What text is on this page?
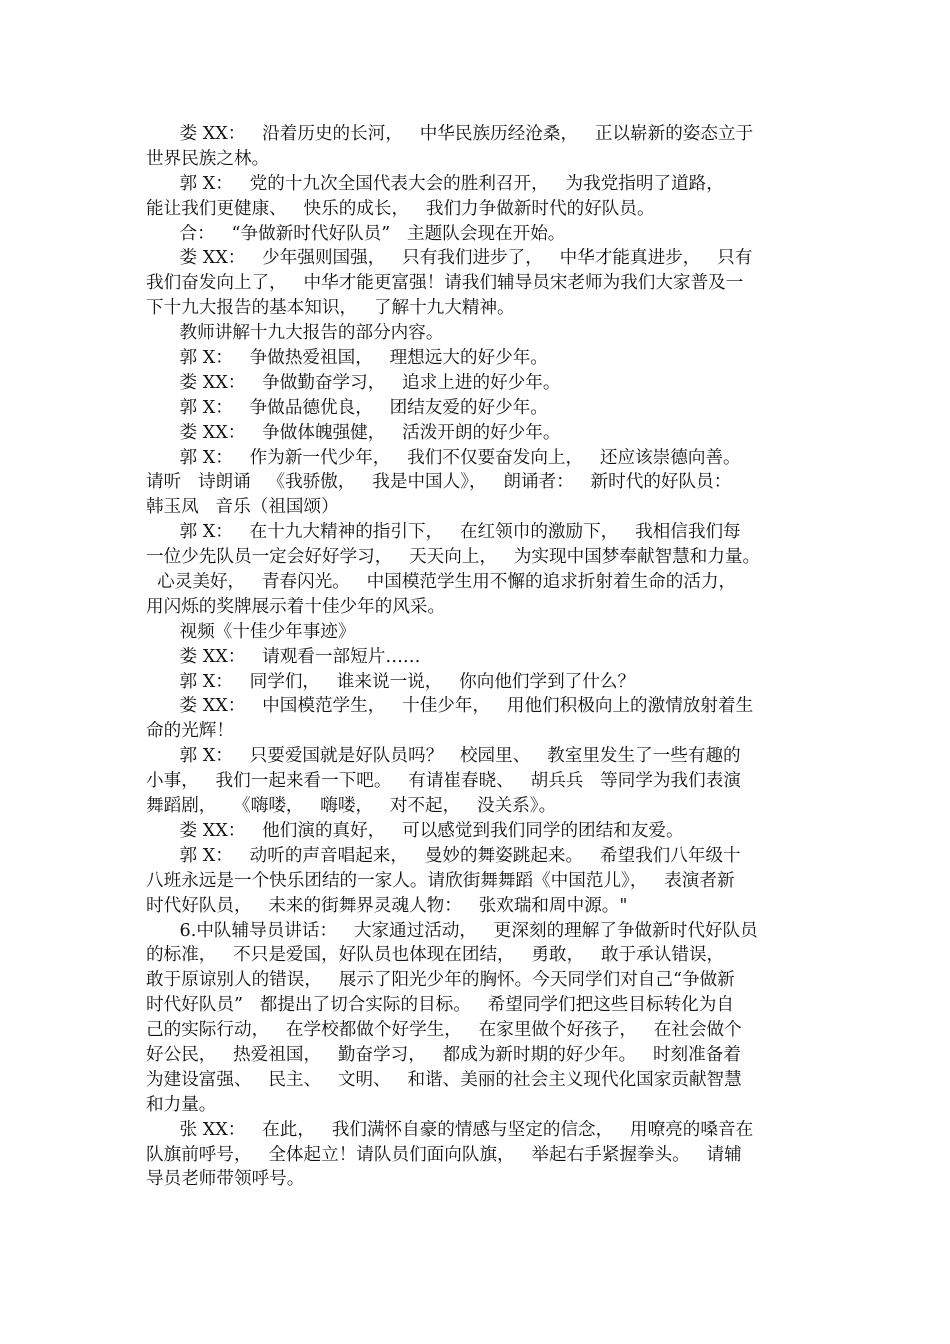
娄 XX：   沿着历史的长河，   中华民族历经沧桑，   正以崭新的姿态立于
世界民族之林。
郭 X：   党的十九次全国代表大会的胜利召开，   为我党指明了道路，
能让我们更健康、   快乐的成长，   我们力争做新时代的好队员。
合：   “争做新时代好队员”   主题队会现在开始。
娄 XX：   少年强则国强，   只有我们进步了，   中华才能真进步，   只有
我们奋发向上了，   中华才能更富强！请我们辅导员宋老师为我们大家普及一
下十九大报告的基本知识，   了解十九大精神。
教师讲解十九大报告的部分内容。
郭 X：   争做热爱祖国，   理想远大的好少年。
娄 XX：   争做勤奋学习，   追求上进的好少年。
郭 X：   争做品德优良，   团结友爱的好少年。
娄 XX：   争做体魄强健，   活泼开朗的好少年。
郭 X：   作为新一代少年，   我们不仅要奋发向上，   还应该崇德向善。
请听   诗朗诵   《我骄傲，   我是中国人》，   朗诵者：   新时代的好队员：
韩玉凤   音乐（祖国颂）
郭 X：   在十九大精神的指引下，   在红领巾的激励下，   我相信我们每
一位少先队员一定会好好学习，   天天向上，   为实现中国梦奉献智慧和力量。
心灵美好，   青春闪光。   中国模范学生用不懈的追求折射着生命的活力，
用闪烁的奖牌展示着十佳少年的风采。
视频《十佳少年事迹》
娄 XX：   请观看一部短片……
郭 X：   同学们，   谁来说一说，   你向他们学到了什么？
娄 XX：   中国模范学生，   十佳少年，   用他们积极向上的激情放射着生
命的光辉！
郭 X：   只要爱国就是好队员吗？   校园里、   教室里发生了一些有趣的
小事，   我们一起来看一下吧。   有请崔春晓、   胡兵兵   等同学为我们表演
舞蹈剧，   《嗨喽，   嗨喽，   对不起，   没关系》。
娄 XX：   他们演的真好，   可以感觉到我们同学的团结和友爱。
郭 X：   动听的声音唱起来，   曼妙的舞姿跳起来。   希望我们八年级十
八班永远是一个快乐团结的一家人。请欣街舞舞蹈《中国范儿》，   表演者新
时代好队员，   未来的街舞界灵魂人物：   张欢瑞和周中源。"
6.中队辅导员讲话：   大家通过活动，   更深刻的理解了争做新时代好队员
的标准，   不只是爱国，好队员也体现在团结，   勇敢，   敢于承认错误，
敢于原谅别人的错误，   展示了阳光少年的胸怀。今天同学们对自己“争做新
时代好队员”   都提出了切合实际的目标。   希望同学们把这些目标转化为自
己的实际行动，   在学校都做个好学生，   在家里做个好孩子，   在社会做个
好公民，   热爱祖国，   勤奋学习，   都成为新时期的好少年。   时刻准备着
为建设富强、   民主、   文明、   和谐、美丽的社会主义现代化国家贡献智慧
和力量。
张 XX：   在此，   我们满怀自豪的情感与坚定的信念，   用嘹亮的嗓音在
队旗前呼号，   全体起立！请队员们面向队旗，   举起右手紧握拳头。   请辅
导员老师带领呼号。
